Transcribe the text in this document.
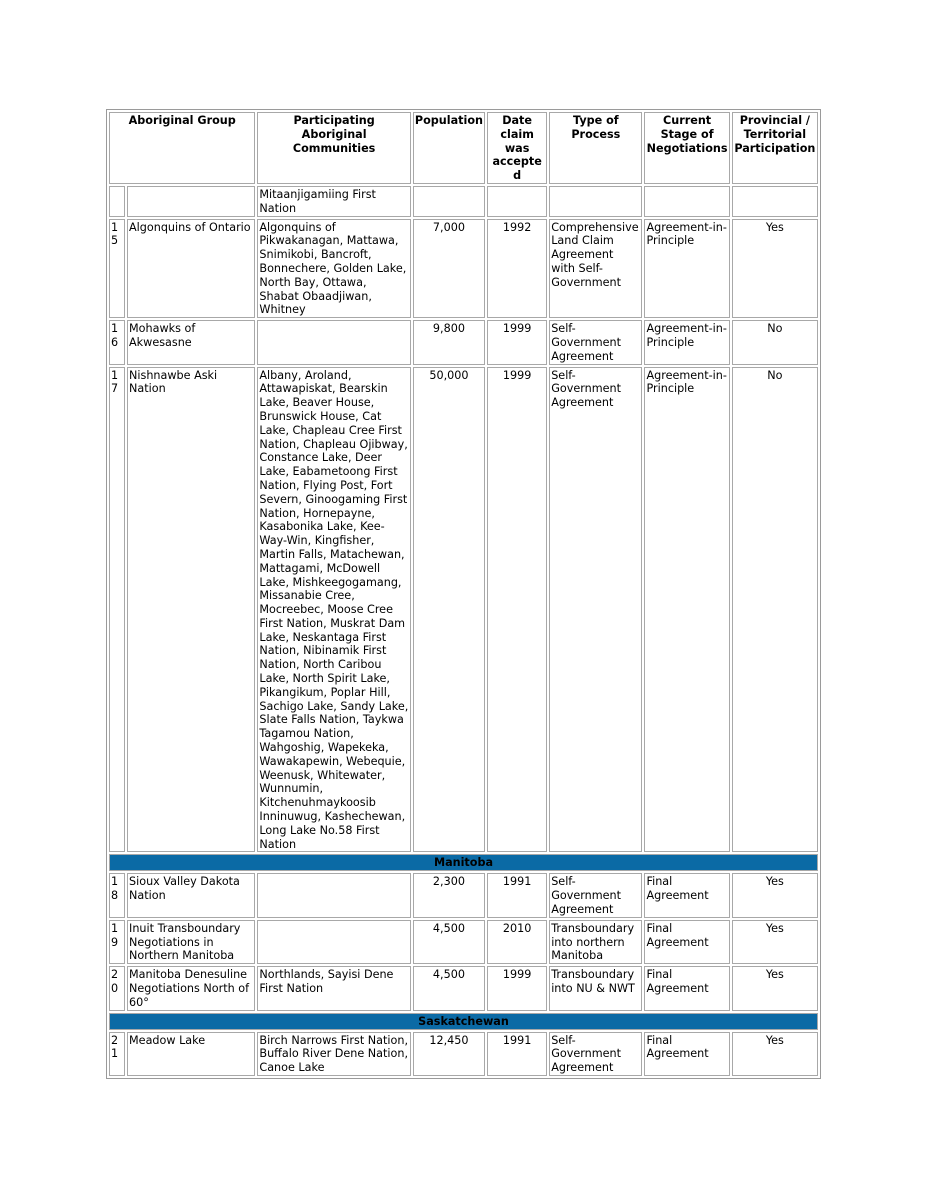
Aboriginal Group		Participating Aboriginal Communities	Population	Date claim was accepted	Type of Process	Current Stage of Negotiations	Provincial / Territorial Participation
		Mitaanjigamiing First Nation					
15	Algonquins of Ontario	Algonquins of Pikwakanagan, Mattawa, Snimikobi, Bancroft, Bonnechere, Golden Lake, North Bay, Ottawa, Shabat Obaadjiwan, Whitney	7,000	1992	Comprehensive Land Claim Agreement with Self-Government	Agreement-in-Principle	Yes
16	Mohawks of Akwesasne		9,800	1999	Self-Government Agreement	Agreement-in-Principle	No
17	Nishnawbe Aski Nation	Albany, Aroland, Attawapiskat, Bearskin Lake, Beaver House, Brunswick House, Cat Lake, Chapleau Cree First Nation, Chapleau Ojibway, Constance Lake, Deer Lake, Eabametoong First Nation, Flying Post, Fort Severn, Ginoogaming First Nation, Hornepayne, Kasabonika Lake, Kee-Way-Win, Kingfisher, Martin Falls, Matachewan, Mattagami, McDowell Lake, Mishkeegogamang, Missanabie Cree, Mocreebec, Moose Cree First Nation, Muskrat Dam Lake, Neskantaga First Nation, Nibinamik First Nation, North Caribou Lake, North Spirit Lake, Pikangikum, Poplar Hill, Sachigo Lake, Sandy Lake, Slate Falls Nation, Taykwa Tagamou Nation, Wahgoshig, Wapekeka, Wawakapewin, Webequie, Weenusk, Whitewater, Wunnumin, Kitchenuhmaykoosib Inninuwug, Kashechewan, Long Lake No.58 First Nation	50,000	1999	Self-Government Agreement	Agreement-in-Principle	No
Manitoba							
18	Sioux Valley Dakota Nation		2,300	1991	Self-Government Agreement	Final Agreement	Yes
19	Inuit Transboundary Negotiations in Northern Manitoba		4,500	2010	Transboundary into northern Manitoba	Final Agreement	Yes
20	Manitoba Denesuline Negotiations North of 60°	Northlands, Sayisi Dene First Nation	4,500	1999	Transboundary into NU & NWT	Final Agreement	Yes
Saskatchewan							
21	Meadow Lake	Birch Narrows First Nation, Buffalo River Dene Nation, Canoe Lake	12,450	1991	Self-Government Agreement	Final Agreement	Yes
